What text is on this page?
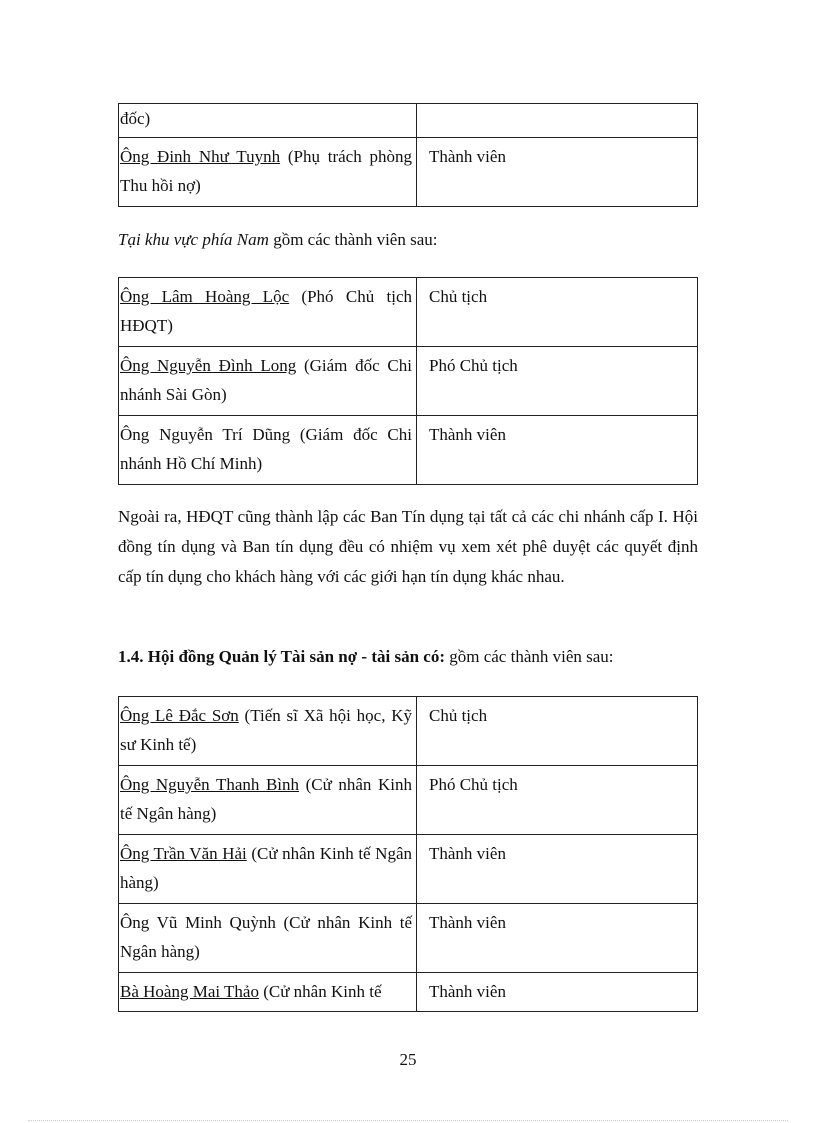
đốc)	

Ông Đinh Như Tuynh (Phụ trách phòng Thu hồi nợ)	Thành viên

Tại khu vực phía Nam gồm các thành viên sau:

Ông Lâm Hoàng Lộc (Phó Chủ tịch HĐQT)	Chủ tịch

Ông Nguyễn Đình Long (Giám đốc Chi nhánh Sài Gòn)	Phó Chủ tịch

Ông Nguyễn Trí Dũng (Giám đốc Chi nhánh Hồ Chí Minh)	Thành viên

Ngoài ra, HĐQT cũng thành lập các Ban Tín dụng tại tất cả các chi nhánh cấp I. Hội đồng tín dụng và Ban tín dụng đều có nhiệm vụ xem xét phê duyệt các quyết định cấp tín dụng cho khách hàng với các giới hạn tín dụng khác nhau.

1.4. Hội đồng Quản lý Tài sản nợ - tài sản có: gồm các thành viên sau:

Ông Lê Đắc Sơn (Tiến sĩ Xã hội học, Kỹ sư Kinh tế)	Chủ tịch

Ông Nguyễn Thanh Bình (Cử nhân Kinh tế Ngân hàng)	Phó Chủ tịch

Ông Trần Văn Hải (Cử nhân Kinh tế Ngân hàng)	Thành viên

Ông Vũ Minh Quỳnh (Cử nhân Kinh tế Ngân hàng)	Thành viên

Bà Hoàng Mai Thảo (Cử nhân Kinh tế	Thành viên
25
